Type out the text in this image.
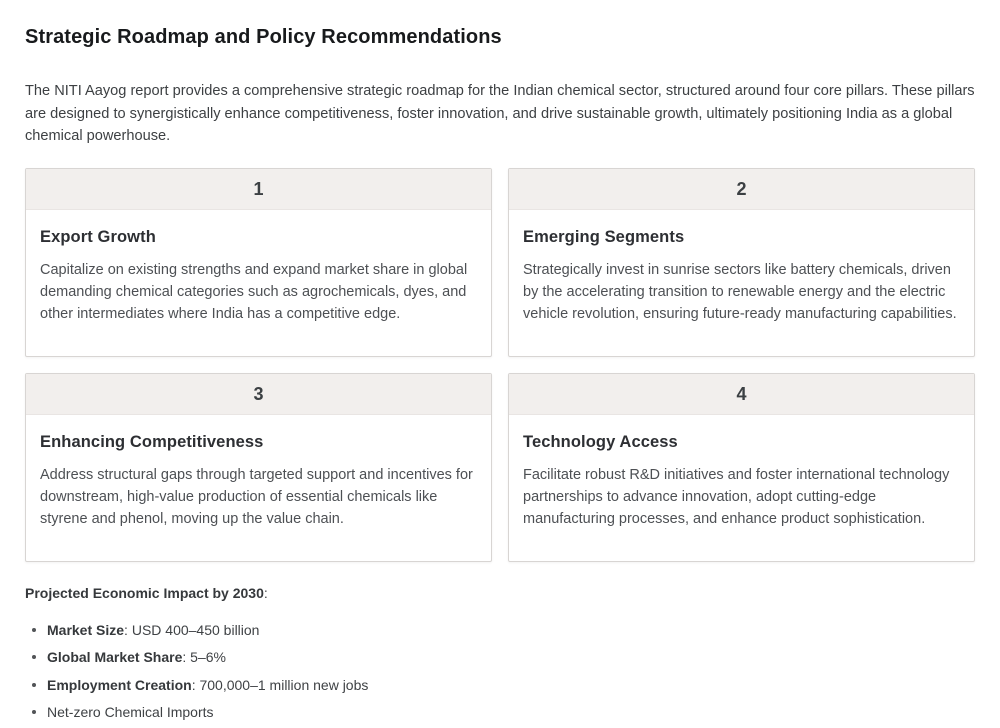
Strategic Roadmap and Policy Recommendations

The NITI Aayog report provides a comprehensive strategic roadmap for the Indian chemical sector, structured around four core pillars. These pillars are designed to synergistically enhance competitiveness, foster innovation, and drive sustainable growth, ultimately positioning India as a global chemical powerhouse.

1
Export Growth

Capitalize on existing strengths and expand market share in global demanding chemical categories such as agrochemicals, dyes, and other intermediates where India has a competitive edge.

2
Emerging Segments

Strategically invest in sunrise sectors like battery chemicals, driven by the accelerating transition to renewable energy and the electric vehicle revolution, ensuring future-ready manufacturing capabilities.

3
Enhancing Competitiveness

Address structural gaps through targeted support and incentives for downstream, high-value production of essential chemicals like styrene and phenol, moving up the value chain.

4
Technology Access

Facilitate robust R&D initiatives and foster international technology partnerships to advance innovation, adopt cutting-edge manufacturing processes, and enhance product sophistication.

Projected Economic Impact by 2030:

Market Size: USD 400–450 billion
Global Market Share: 5–6%
Employment Creation: 700,000–1 million new jobs
Net-zero Chemical Imports
